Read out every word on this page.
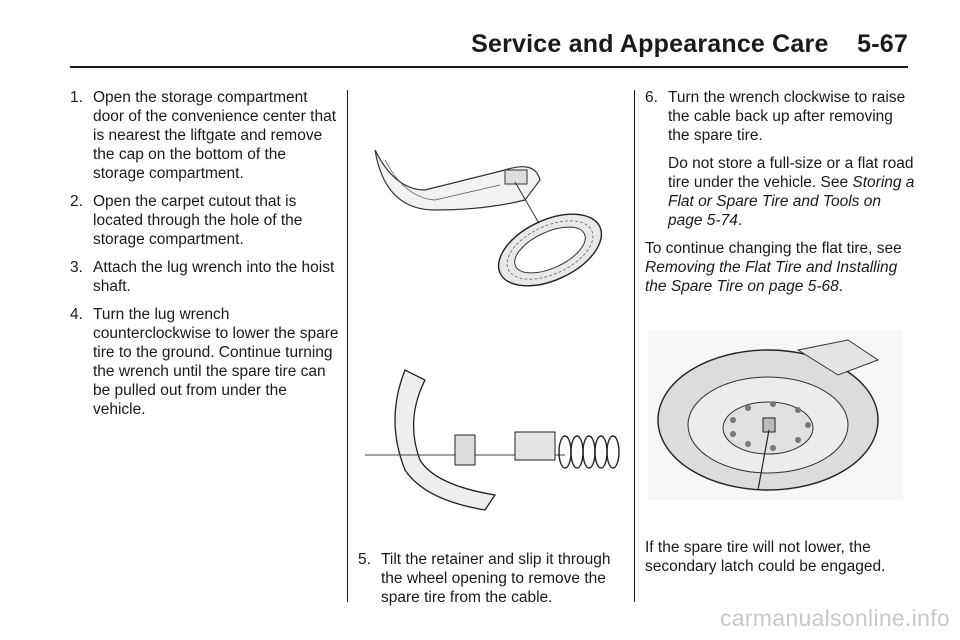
Service and Appearance Care    5-67
1. Open the storage compartment door of the convenience center that is nearest the liftgate and remove the cap on the bottom of the storage compartment.
2. Open the carpet cutout that is located through the hole of the storage compartment.
3. Attach the lug wrench into the hoist shaft.
4. Turn the lug wrench counterclockwise to lower the spare tire to the ground. Continue turning the wrench until the spare tire can be pulled out from under the vehicle.
5. Tilt the retainer and slip it through the wheel opening to remove the spare tire from the cable.
6. Turn the wrench clockwise to raise the cable back up after removing the spare tire.

Do not store a full-size or a flat road tire under the vehicle. See Storing a Flat or Spare Tire and Tools on page 5-74.

To continue changing the flat tire, see Removing the Flat Tire and Installing the Spare Tire on page 5-68.

If the spare tire will not lower, the secondary latch could be engaged.
carmanualsonline.info
